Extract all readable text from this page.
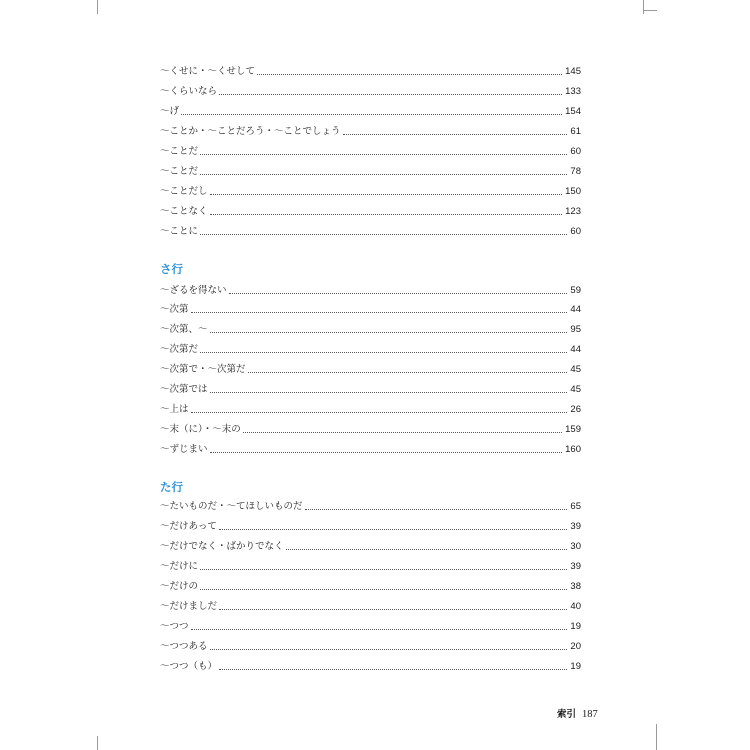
～くせに・～くせして	145
～くらいなら	133
～げ	154
～ことか・～ことだろう・～ことでしょう	61
～ことだ	60
～ことだ	78
～ことだし	150
～ことなく	123
～ことに	60
さ行
～ざるを得ない	59
～次第	44
～次第、～	95
～次第だ	44
～次第で・～次第だ	45
～次第では	45
～上は	26
～末（に）・～末の	159
～ずじまい	160
た行
～たいものだ・～てほしいものだ	65
～だけあって	39
～だけでなく・ばかりでなく	30
～だけに	39
～だけの	38
～だけましだ	40
～つつ	19
～つつある	20
～つつ（も）	19
索引 187
